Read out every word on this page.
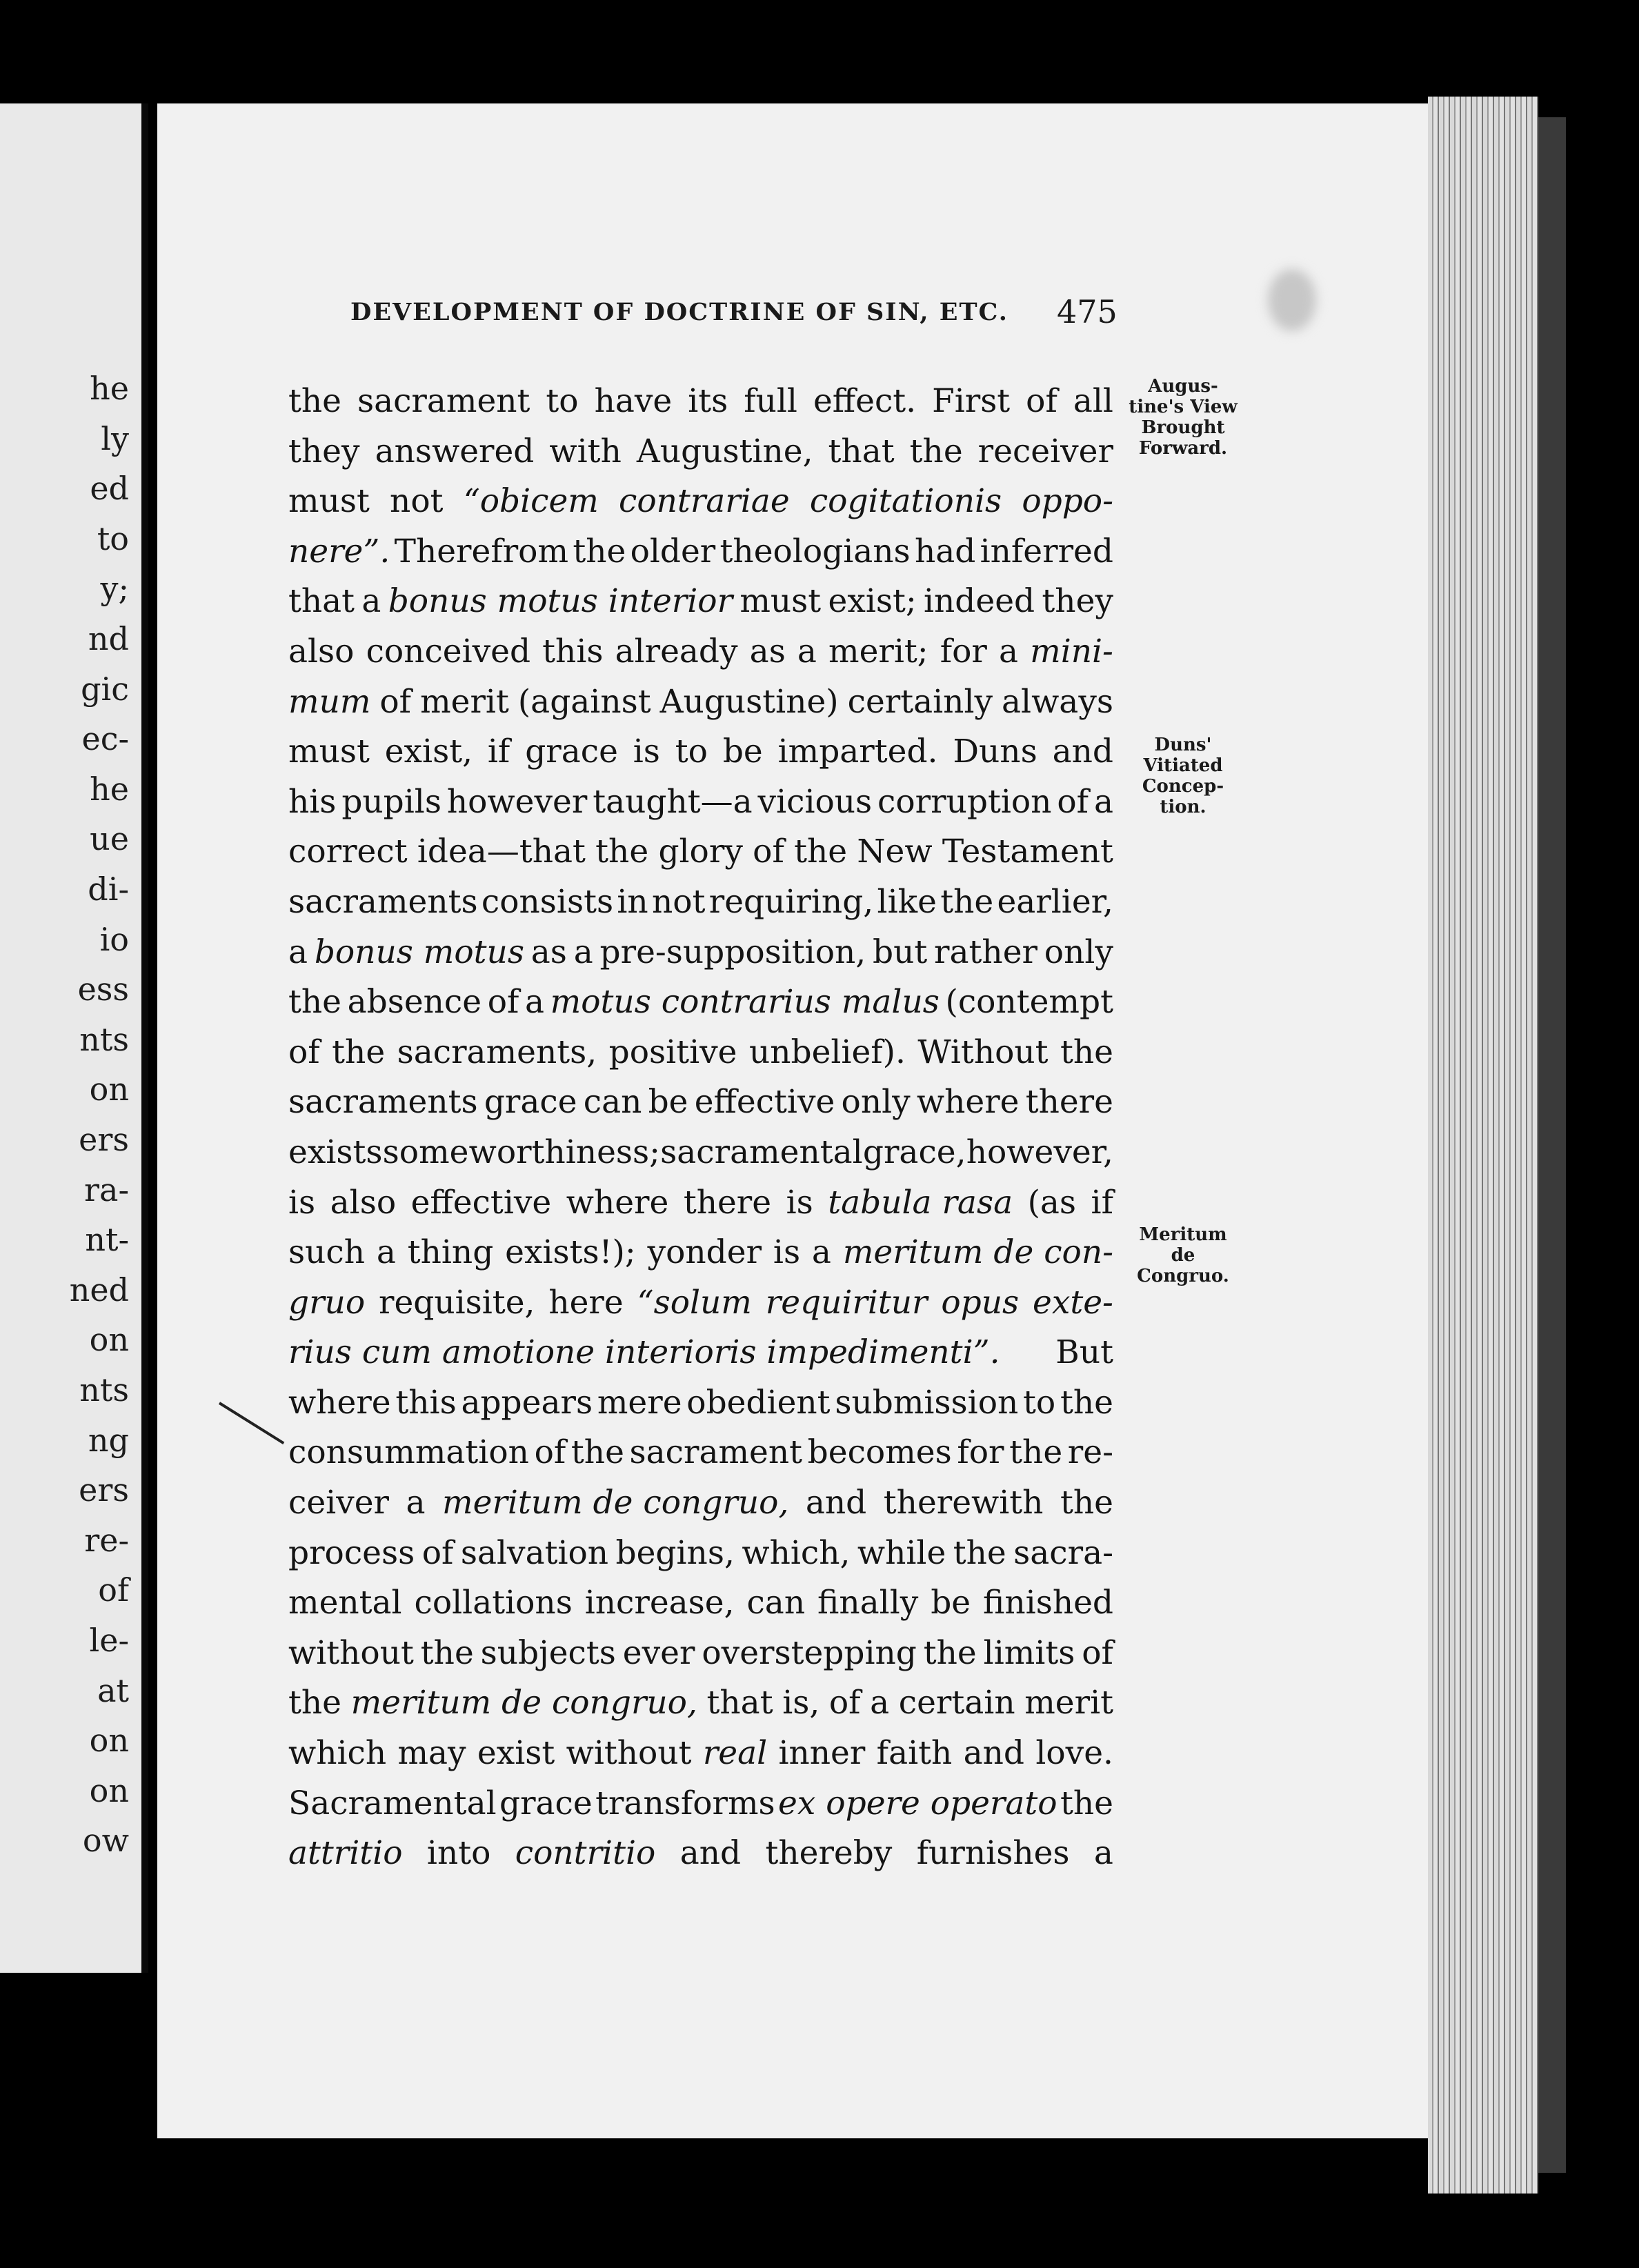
he
ly
ed
to
y;
nd
gic
ec-
he
ue
di-
io
ess
nts
on
ers
ra-
nt-
ned
on
nts
ng
ers
re-
of
le-
at
on
on
ow
DEVELOPMENT OF DOCTRINE OF SIN, ETC. 475
the sacrament to have its full effect. First of all
they answered with Augustine, that the receiver
must not “obicem contrariae cogitationis oppo-
nere”. Therefrom the older theologians had inferred
that a bonus motus interior must exist; indeed they
also conceived this already as a merit; for a mini-
mum of merit (against Augustine) certainly always
must exist, if grace is to be imparted. Duns and
his pupils however taught—a vicious corruption of a
correct idea—that the glory of the New Testament
sacraments consists in not requiring, like the earlier,
a bonus motus as a pre-supposition, but rather only
the absence of a motus contrarius malus (contempt
of the sacraments, positive unbelief). Without the
sacraments grace can be effective only where there
exists some worthiness; sacramental grace, however,
is also effective where there is tabula rasa (as if
such a thing exists!); yonder is a meritum de con-
gruo requisite, here “solum requiritur opus exte-
rius cum amotione interioris impedimenti”. But
where this appears mere obedient submission to the
consummation of the sacrament becomes for the re-
ceiver a meritum de congruo, and therewith the
process of salvation begins, which, while the sacra-
mental collations increase, can finally be finished
without the subjects ever overstepping the limits of
the meritum de congruo, that is, of a certain merit
which may exist without real inner faith and love.
Sacramental grace transforms ex opere operato the
attritio into contritio and thereby furnishes a
Augus-
tine's View
Brought
Forward.
Duns'
Vitiated
Concep-
tion.
Meritum
de
Congruo.
